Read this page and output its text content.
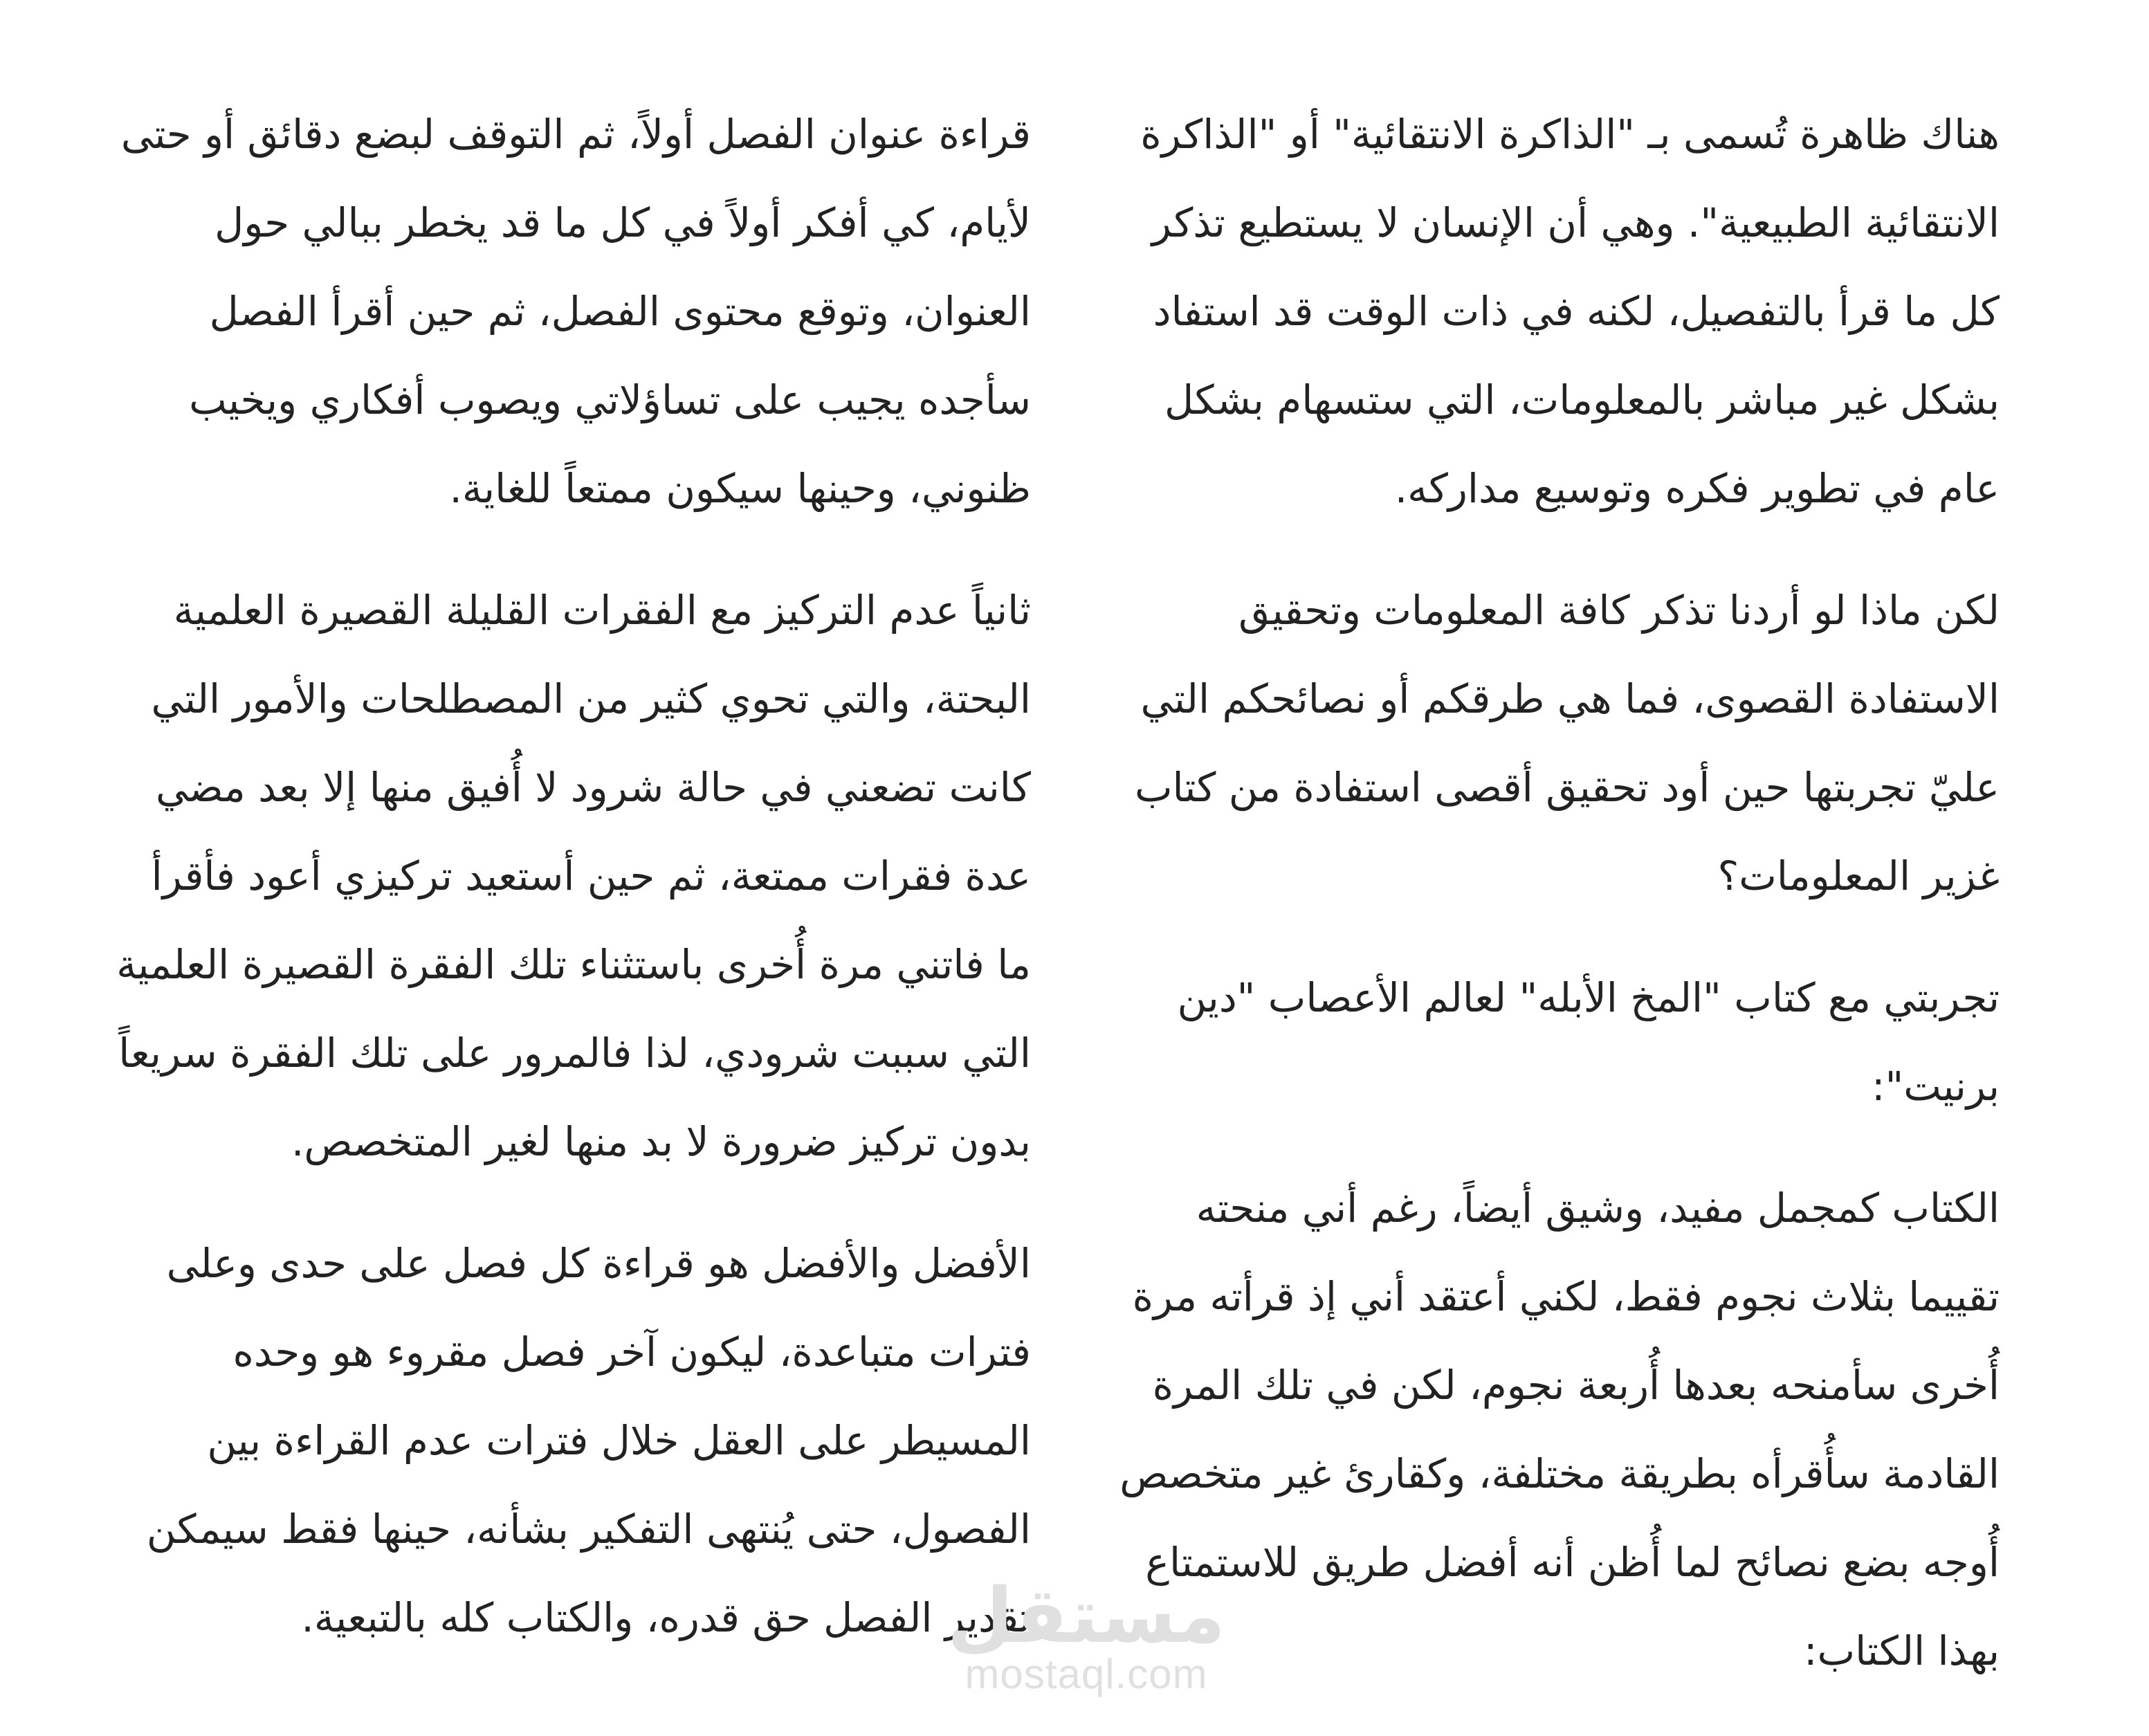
هناك ظاهرة تُسمى بـ "الذاكرة الانتقائية" أو "الذاكرة الانتقائية الطبيعية". وهي أن الإنسان لا يستطيع تذكر كل ما قرأ بالتفصيل، لكنه في ذات الوقت قد استفاد بشكل غير مباشر بالمعلومات، التي ستسهام بشكل عام في تطوير فكره وتوسيع مداركه.

لكن ماذا لو أردنا تذكر كافة المعلومات وتحقيق الاستفادة القصوى، فما هي طرقكم أو نصائحكم التي عليّ تجربتها حين أود تحقيق أقصى استفادة من كتاب غزير المعلومات؟

تجربتي مع كتاب "المخ الأبله" لعالم الأعصاب "دين برنيت":

الكتاب كمجمل مفيد، وشيق أيضاً، رغم أني منحته تقييما بثلاث نجوم فقط، لكني أعتقد أني إذ قرأته مرة أُخرى سأمنحه بعدها أُربعة نجوم، لكن في تلك المرة القادمة سأُقرأه بطريقة مختلفة، وكقارئ غير متخصص أُوجه بضع نصائح لما أُظن أنه أفضل طريق للاستمتاع بهذا الكتاب:

قراءة عنوان الفصل أولاً، ثم التوقف لبضع دقائق أو حتى لأيام، كي أفكر أولاً في كل ما قد يخطر ببالي حول العنوان، وتوقع محتوى الفصل، ثم حين أقرأ الفصل سأجده يجيب على تساؤلاتي ويصوب أفكاري ويخيب ظنوني، وحينها سيكون ممتعاً للغاية.

ثانياً عدم التركيز مع الفقرات القليلة القصيرة العلمية البحتة، والتي تحوي كثير من المصطلحات والأمور التي كانت تضعني في حالة شرود لا أُفيق منها إلا بعد مضي عدة فقرات ممتعة، ثم حين أستعيد تركيزي أعود فأقرأ ما فاتني مرة أُخرى باستثناء تلك الفقرة القصيرة العلمية التي سببت شرودي، لذا فالمرور على تلك الفقرة سريعاً بدون تركيز ضرورة لا بد منها لغير المتخصص.

الأفضل والأفضل هو قراءة كل فصل على حدى وعلى فترات متباعدة، ليكون آخر فصل مقروء هو وحده المسيطر على العقل خلال فترات عدم القراءة بين الفصول، حتى يُنتهى التفكير بشأنه، حينها فقط سيمكن تقدير الفصل حق قدره، والكتاب كله بالتبعية.

مستقل
mostaql.com
